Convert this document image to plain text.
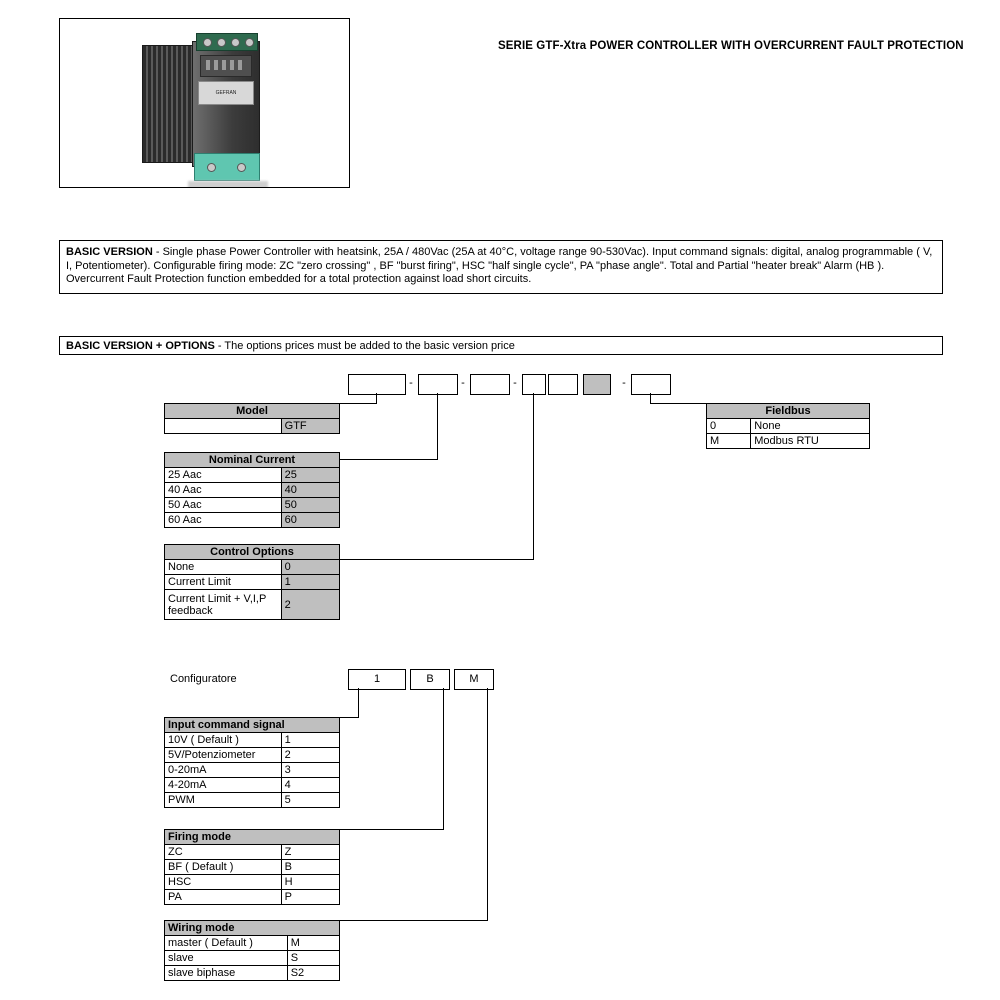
GEFRAN
SERIE GTF-Xtra POWER CONTROLLER WITH OVERCURRENT FAULT PROTECTION
BASIC VERSION - Single phase Power Controller with heatsink, 25A / 480Vac (25A at 40°C, voltage range 90-530Vac). Input command signals: digital, analog programmable ( V, I, Potentiometer). Configurable firing mode: ZC "zero crossing" , BF "burst firing", HSC "half single cycle", PA "phase angle". Total and Partial "heater break" Alarm (HB ). Overcurrent Fault Protection function embedded for a total protection against load short circuits.
BASIC VERSION + OPTIONS - The options prices must be added to the basic version price
-	-	-	-
Model
	GTF
Nominal Current	
25 Aac	25
40 Aac	40
50 Aac	50
60 Aac	60
Control Options	
None	0
Current Limit	1
Current Limit + V,I,P feedback	2
Fieldbus	
0	None
M	Modbus RTU
Configuratore	1	B	M
Input command signal	
10V ( Default )	1
5V/Potenziometer	2
0-20mA	3
4-20mA	4
PWM	5
Firing mode	
ZC	Z
BF ( Default )	B
HSC	H
PA	P
Wiring mode	
master ( Default )	M
slave	S
slave biphase	S2
